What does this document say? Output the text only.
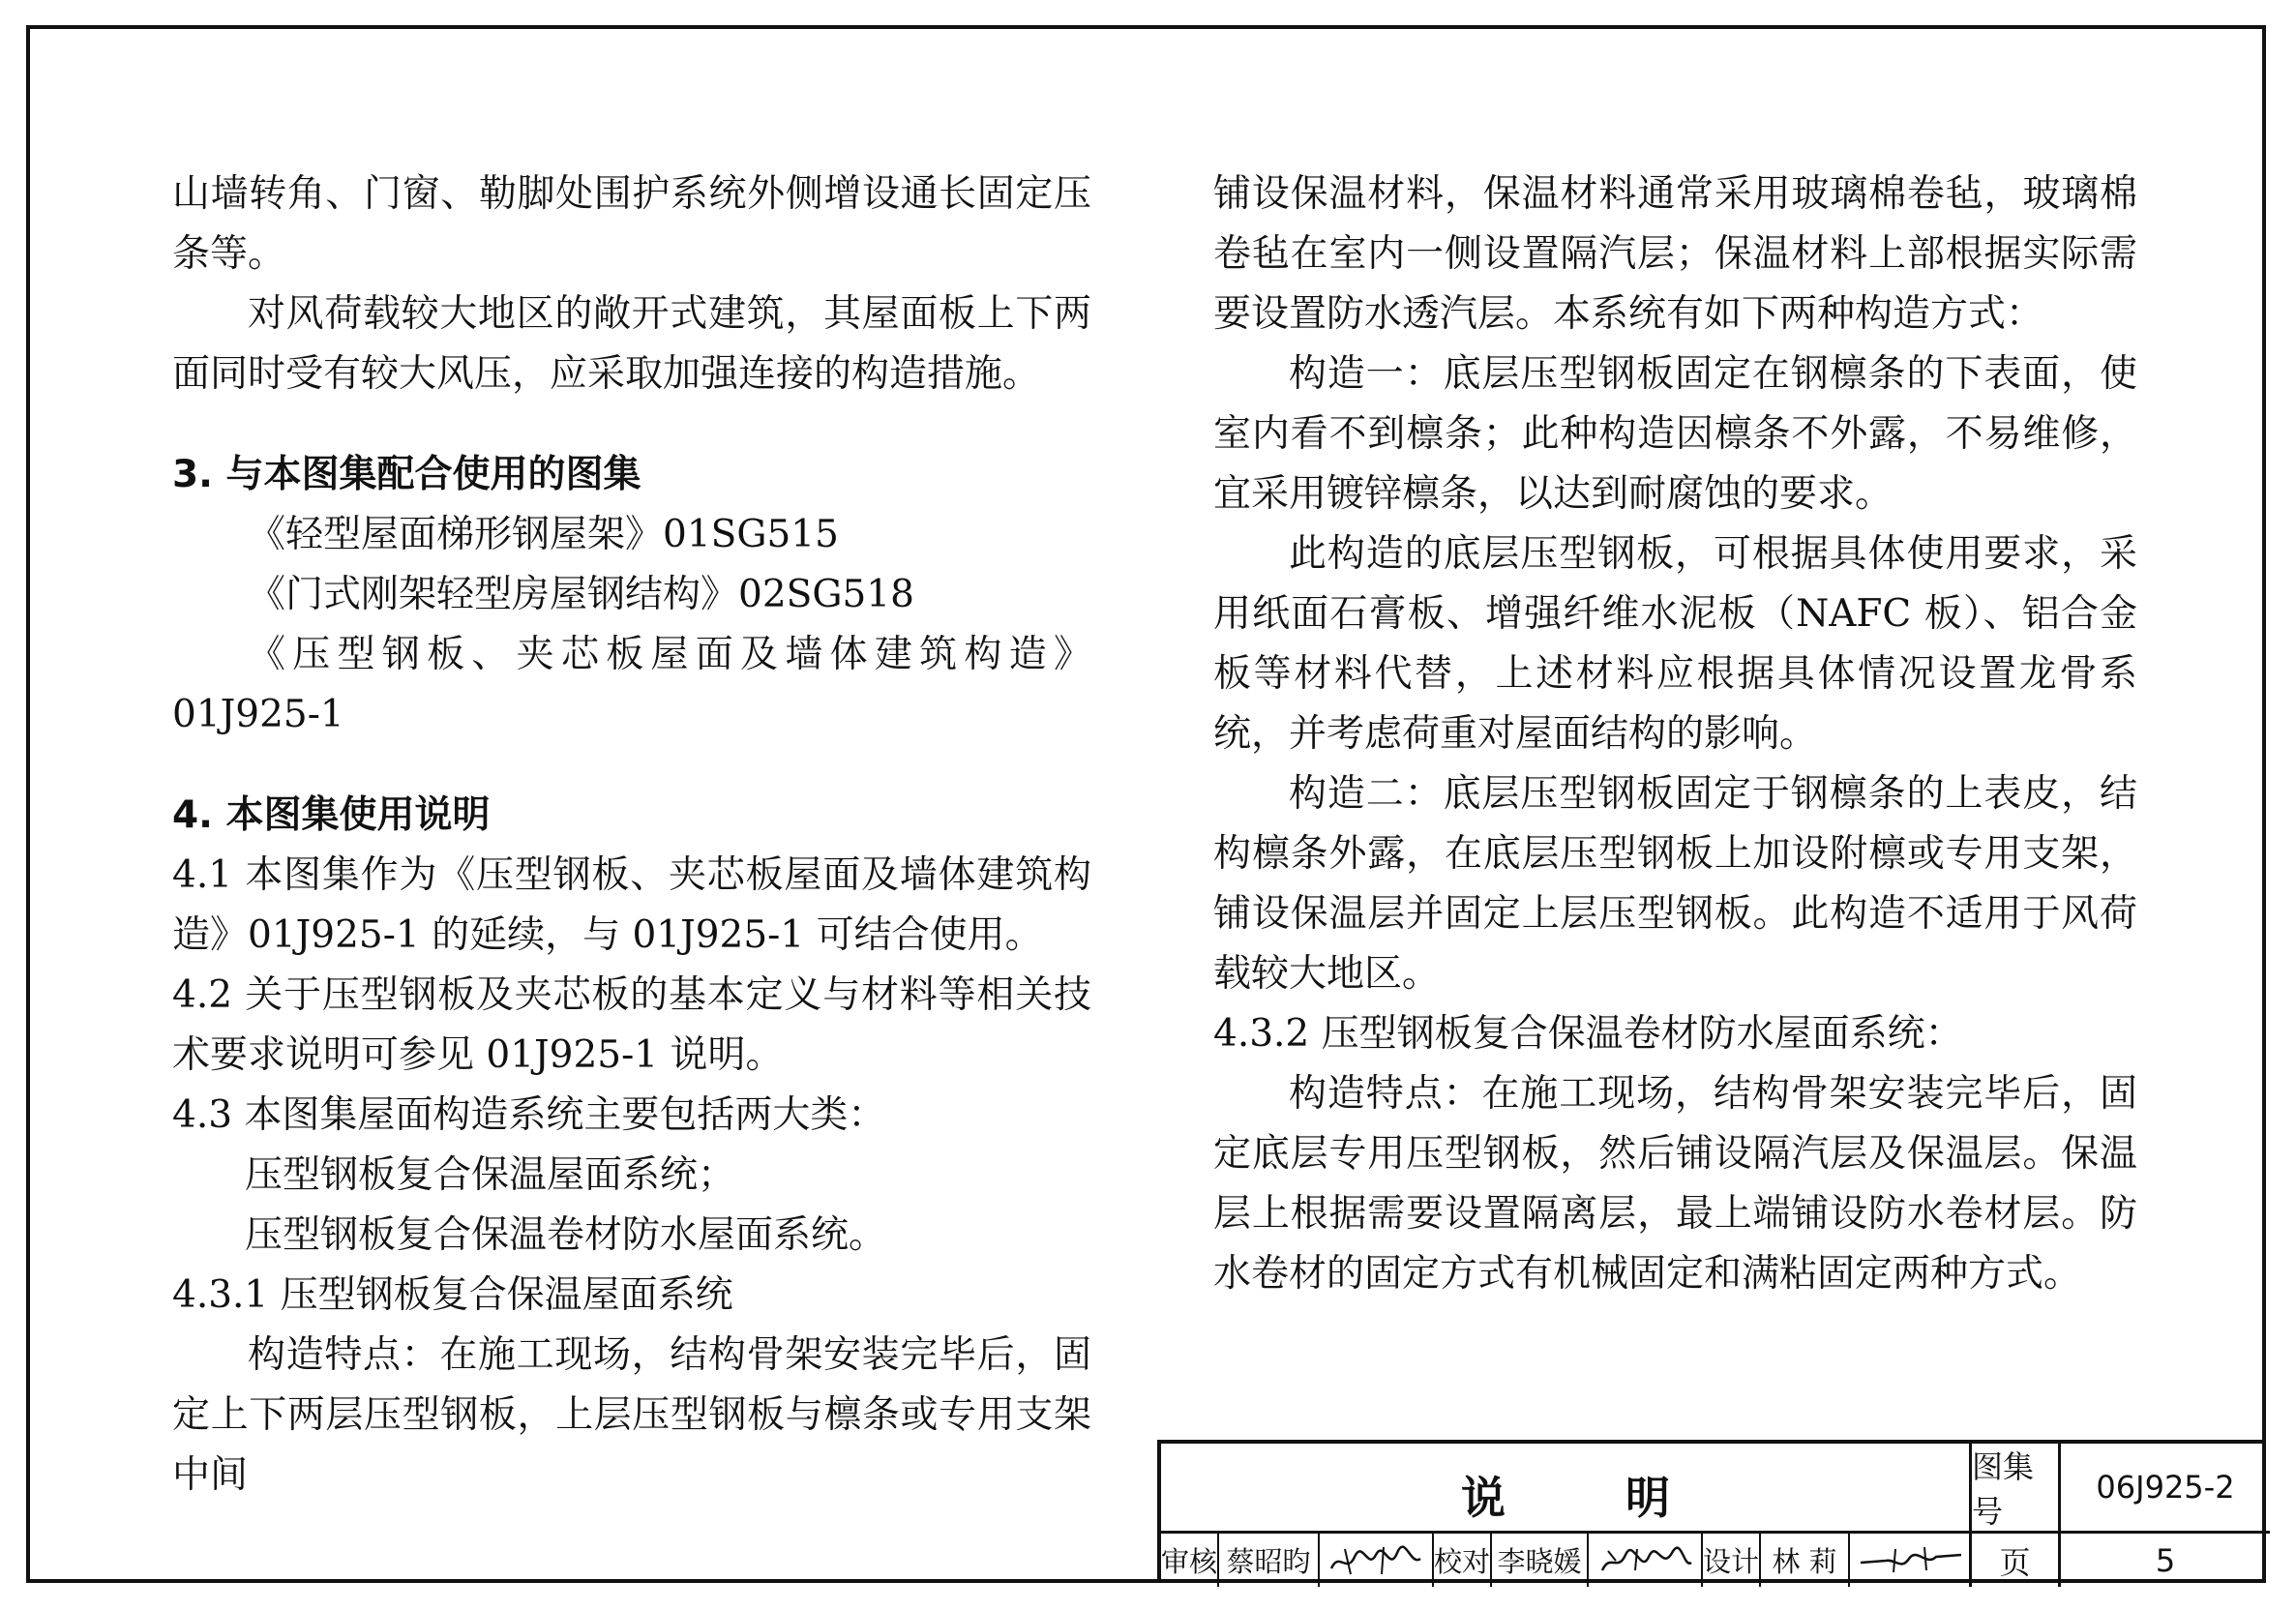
山墙转角、门窗、勒脚处围护系统外侧增设通长固定压条等。

对风荷载较大地区的敞开式建筑，其屋面板上下两面同时受有较大风压，应采取加强连接的构造措施。

3. 与本图集配合使用的图集

《轻型屋面梯形钢屋架》01SG515

《门式刚架轻型房屋钢结构》02SG518

《压型钢板、夹芯板屋面及墙体建筑构造》01J925-1

4. 本图集使用说明

4.1 本图集作为《压型钢板、夹芯板屋面及墙体建筑构造》01J925-1 的延续，与 01J925-1 可结合使用。

4.2 关于压型钢板及夹芯板的基本定义与材料等相关技术要求说明可参见 01J925-1 说明。

4.3 本图集屋面构造系统主要包括两大类：

压型钢板复合保温屋面系统；

压型钢板复合保温卷材防水屋面系统。

4.3.1 压型钢板复合保温屋面系统

构造特点：在施工现场，结构骨架安装完毕后，固定上下两层压型钢板，上层压型钢板与檩条或专用支架中间

铺设保温材料，保温材料通常采用玻璃棉卷毡，玻璃棉卷毡在室内一侧设置隔汽层；保温材料上部根据实际需要设置防水透汽层。本系统有如下两种构造方式：

构造一：底层压型钢板固定在钢檩条的下表面，使室内看不到檩条；此种构造因檩条不外露，不易维修，宜采用镀锌檩条，以达到耐腐蚀的要求。

此构造的底层压型钢板，可根据具体使用要求，采用纸面石膏板、增强纤维水泥板（NAFC 板）、铝合金板等材料代替，上述材料应根据具体情况设置龙骨系统，并考虑荷重对屋面结构的影响。

构造二：底层压型钢板固定于钢檩条的上表皮，结构檩条外露，在底层压型钢板上加设附檩或专用支架，铺设保温层并固定上层压型钢板。此构造不适用于风荷载较大地区。

4.3.2 压型钢板复合保温卷材防水屋面系统：

构造特点：在施工现场，结构骨架安装完毕后，固定底层专用压型钢板，然后铺设隔汽层及保温层。保温层上根据需要设置隔离层，最上端铺设防水卷材层。防水卷材的固定方式有机械固定和满粘固定两种方式。

说	明
图集号
06J925-2
审核 蔡昭昀	校对 李晓媛	设计 林 莉	页	5
